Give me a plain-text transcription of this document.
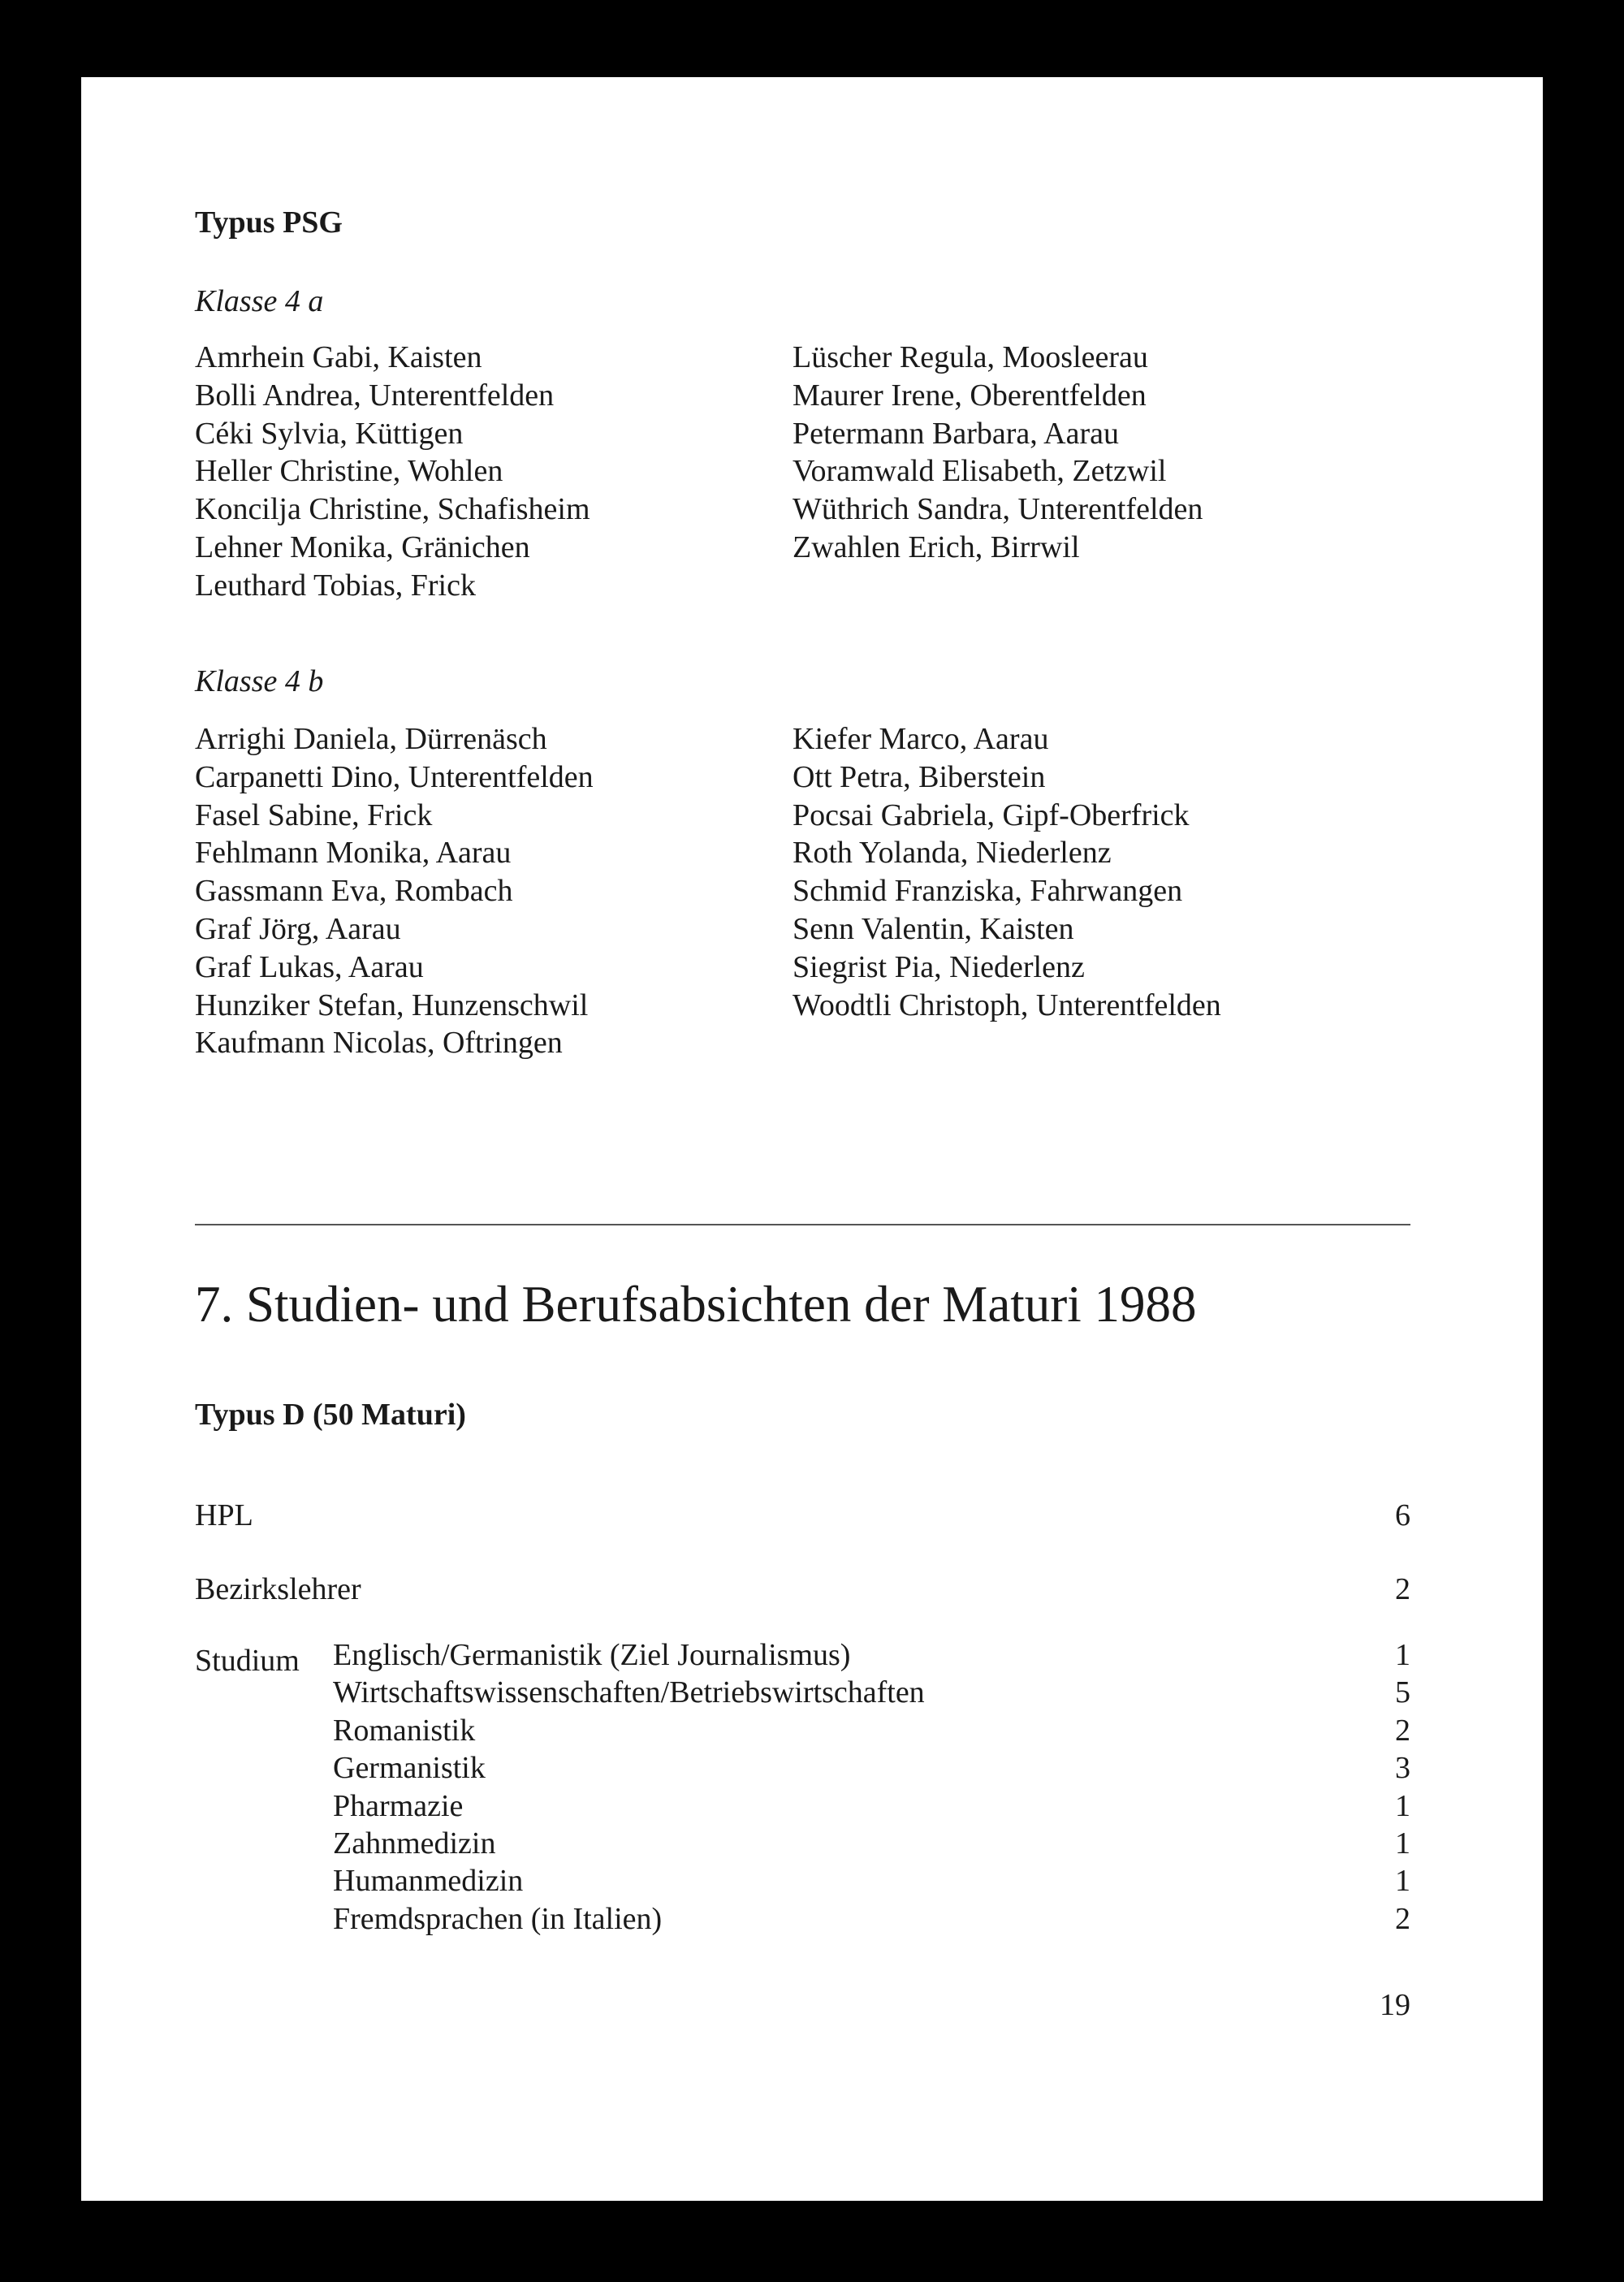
Typus PSG
Klasse 4 a
Amrhein Gabi, Kaisten
Bolli Andrea, Unterentfelden
Céki Sylvia, Küttigen
Heller Christine, Wohlen
Koncilja Christine, Schafisheim
Lehner Monika, Gränichen
Leuthard Tobias, Frick
Lüscher Regula, Moosleerau
Maurer Irene, Oberentfelden
Petermann Barbara, Aarau
Voramwald Elisabeth, Zetzwil
Wüthrich Sandra, Unterentfelden
Zwahlen Erich, Birrwil
Klasse 4 b
Arrighi Daniela, Dürrenäsch
Carpanetti Dino, Unterentfelden
Fasel Sabine, Frick
Fehlmann Monika, Aarau
Gassmann Eva, Rombach
Graf Jörg, Aarau
Graf Lukas, Aarau
Hunziker Stefan, Hunzenschwil
Kaufmann Nicolas, Oftringen
Kiefer Marco, Aarau
Ott Petra, Biberstein
Pocsai Gabriela, Gipf-Oberfrick
Roth Yolanda, Niederlenz
Schmid Franziska, Fahrwangen
Senn Valentin, Kaisten
Siegrist Pia, Niederlenz
Woodtli Christoph, Unterentfelden
7. Studien- und Berufsabsichten der Maturi 1988
Typus D (50 Maturi)
HPL	6
Bezirkslehrer	2
Studium Englisch/Germanistik (Ziel Journalismus)	1
Wirtschaftswissenschaften/Betriebswirtschaften	5
Romanistik	2
Germanistik	3
Pharmazie	1
Zahnmedizin	1
Humanmedizin	1
Fremdsprachen (in Italien)	2
19
